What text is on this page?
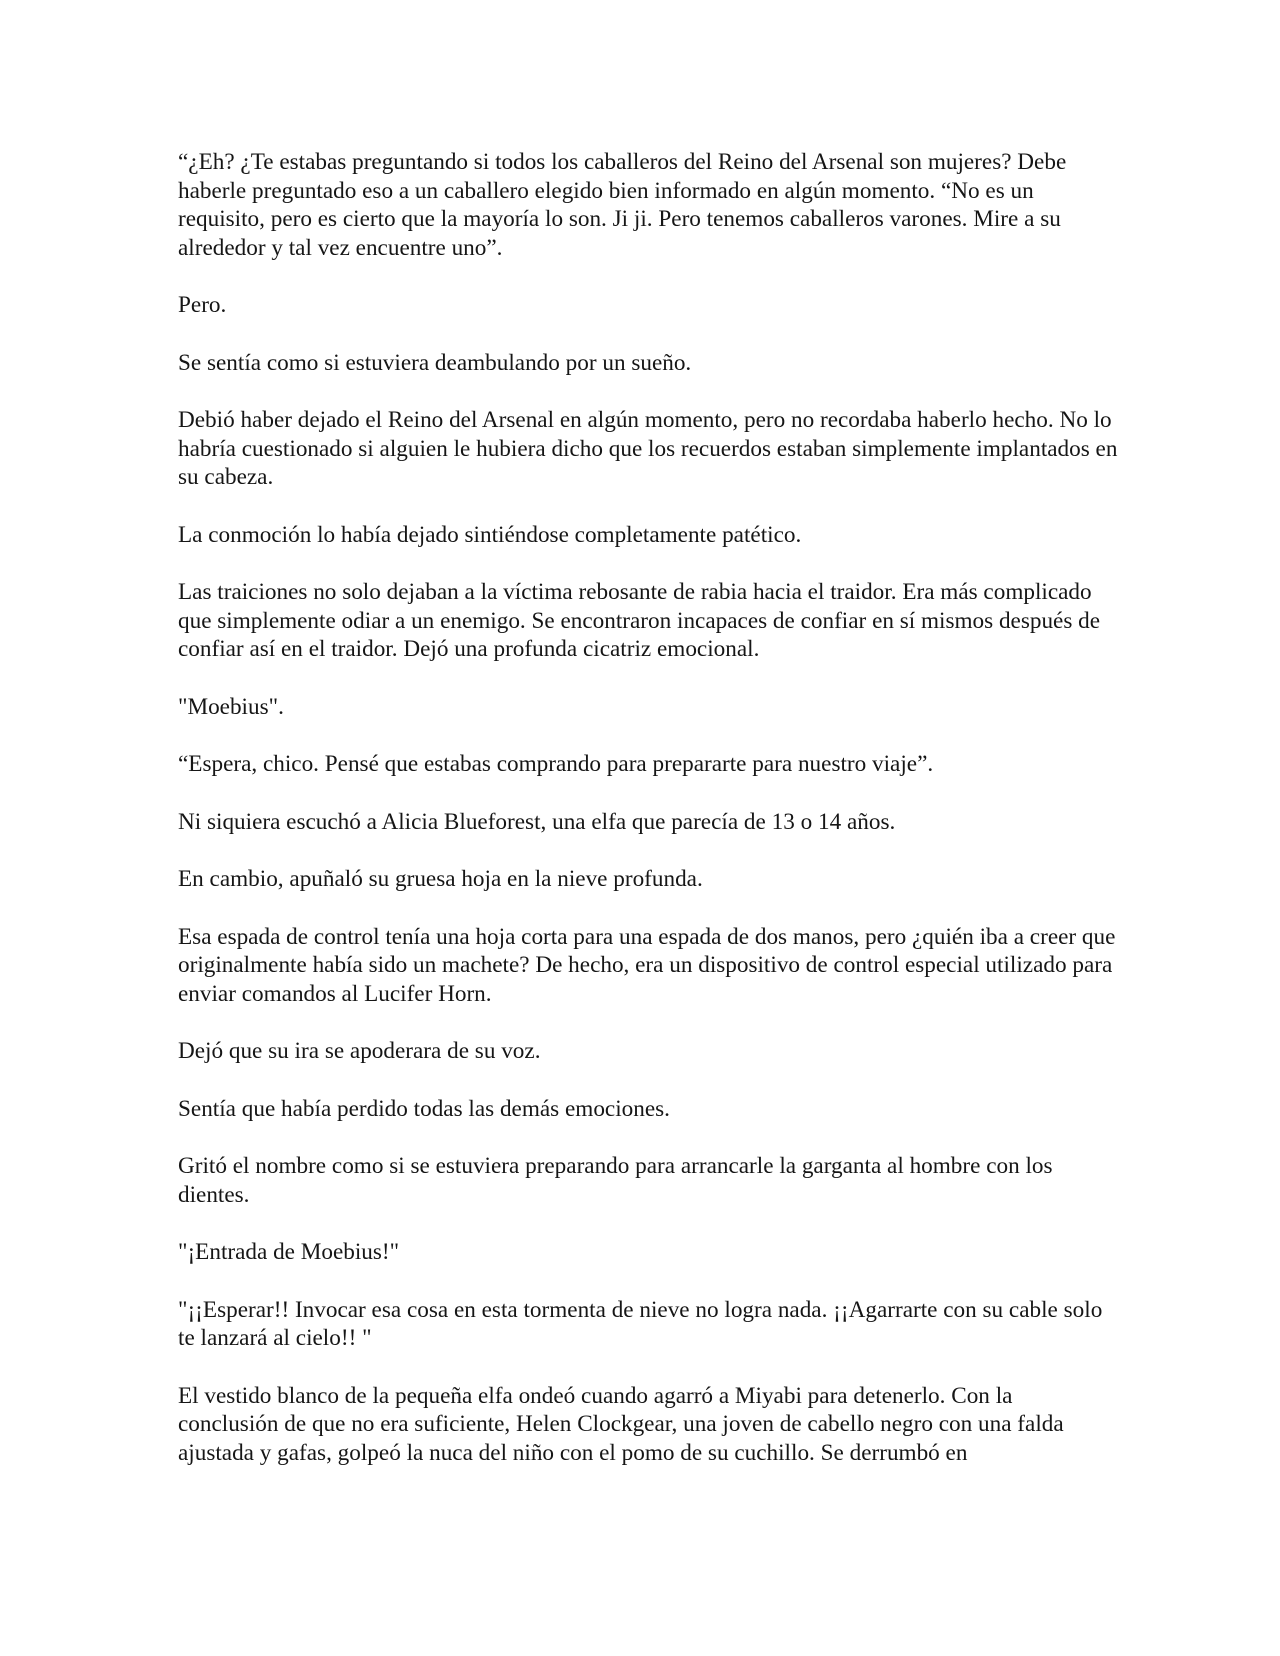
“¿Eh? ¿Te estabas preguntando si todos los caballeros del Reino del Arsenal son mujeres? Debe haberle preguntado eso a un caballero elegido bien informado en algún momento. “No es un requisito, pero es cierto que la mayoría lo son. Ji ji. Pero tenemos caballeros varones. Mire a su alrededor y tal vez encuentre uno”.

Pero.

Se sentía como si estuviera deambulando por un sueño.

Debió haber dejado el Reino del Arsenal en algún momento, pero no recordaba haberlo hecho. No lo habría cuestionado si alguien le hubiera dicho que los recuerdos estaban simplemente implantados en su cabeza.

La conmoción lo había dejado sintiéndose completamente patético.

Las traiciones no solo dejaban a la víctima rebosante de rabia hacia el traidor. Era más complicado que simplemente odiar a un enemigo. Se encontraron incapaces de confiar en sí mismos después de confiar así en el traidor. Dejó una profunda cicatriz emocional.

"Moebius".

“Espera, chico. Pensé que estabas comprando para prepararte para nuestro viaje”.

Ni siquiera escuchó a Alicia Blueforest, una elfa que parecía de 13 o 14 años.

En cambio, apuñaló su gruesa hoja en la nieve profunda.

Esa espada de control tenía una hoja corta para una espada de dos manos, pero ¿quién iba a creer que originalmente había sido un machete? De hecho, era un dispositivo de control especial utilizado para enviar comandos al Lucifer Horn.

Dejó que su ira se apoderara de su voz.

Sentía que había perdido todas las demás emociones.

Gritó el nombre como si se estuviera preparando para arrancarle la garganta al hombre con los dientes.

"¡Entrada de Moebius!"

"¡¡Esperar!! Invocar esa cosa en esta tormenta de nieve no logra nada. ¡¡Agarrarte con su cable solo te lanzará al cielo!! "

El vestido blanco de la pequeña elfa ondeó cuando agarró a Miyabi para detenerlo. Con la conclusión de que no era suficiente, Helen Clockgear, una joven de cabello negro con una falda ajustada y gafas, golpeó la nuca del niño con el pomo de su cuchillo. Se derrumbó en
